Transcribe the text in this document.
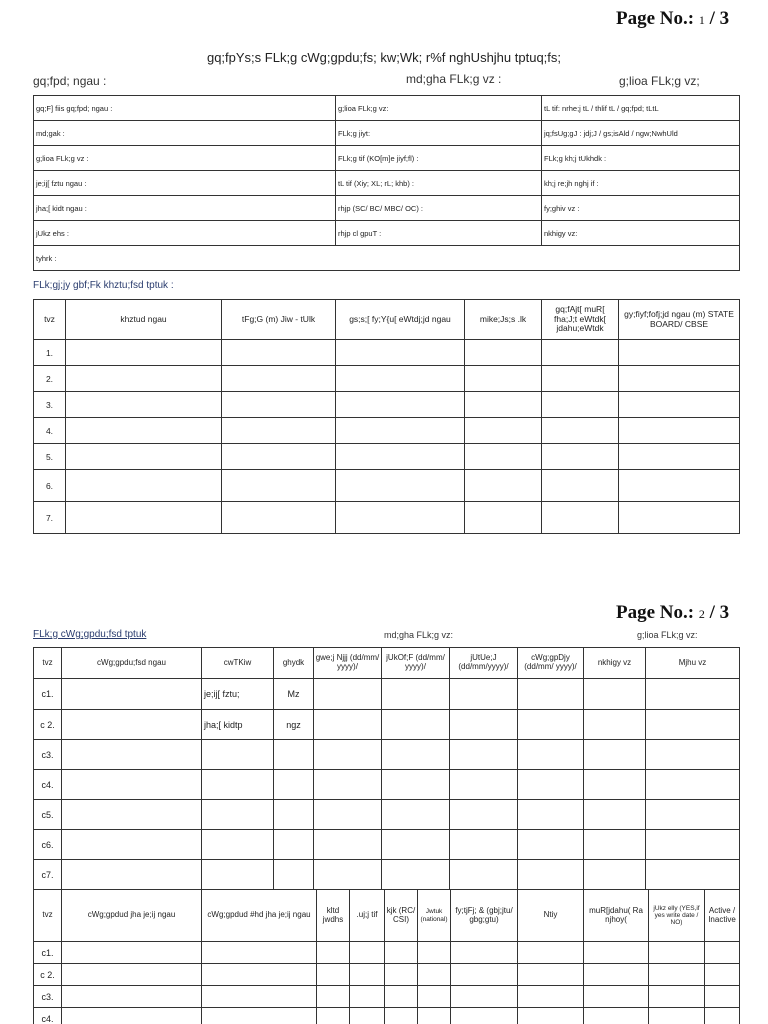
Page No.: 1 / 3
gq;fpYs;s FLk;g cWg;gpdu;fs; kw;Wk; r%f nghUshjhu tptuq;fs;
gq;fpd; ngau :	md;gha FLk;g vz :	g;lioa FLk;g vz;
gq;F] fiis gq;fpd; ngau :	g;lioa FLk;g vz:	tL tif: nrhe;j tL / thlif tL / gq;fpd; tLtL
md;gak :	FLk;g jiyt:	jq;fsUg;gJ : jdj;J / gs;isAld / ngw;NwhUld
g;lioa FLk;g vz :	FLk;g tif (KO[m]e jiyf;fl) :	FLk;g kh;j tUkhdk :
je;ij[ fztu ngau :	tL tif (Xiy; XL; rL; khb) :	kh;j re;jh nghj if :
jha;[ kidt ngau :	rhjp (SC/ BC/ MBC/ OC) :	fy;ghiv vz :
jUkz ehs :	rhjp cl gpuT :	nkhigy vz:
tyhrk :		
FLk;gj;jy gbf;Fk khztu;fsd tptuk :
tvz	khztud ngau	tFg;G (m) Jiw - tUlk	gs;s;[ fy;Y{u[ eWtdj;jd ngau	mike;Js;s .lk	gq;fAjt[ muR[ fha;J;t eWtdk[ jdahu;eWtdk	gy;fiyf;fofj;jd ngau (m) STATE BOARD/ CBSE
1.						
2.						
3.						
4.						
5.						
6.						
7.						
Page No.: 2 / 3
FLk;g cWg;gpdu;fsd tptuk	md;gha FLk;g vz:	g;lioa FLk;g vz:
tvz	cWg;gpdu;fsd ngau	cwTKiw	ghydk	gwe;j Njjj (dd/mm/ yyyy)/	jUkOf;F (dd/mm/ yyyy)/	jUtUe;J (dd/mm/yyyy)/	cWg;gpDjy (dd/mm/ yyyy)/	nkhigy vz	Mjhu vz
c1.		je;ij[ fztu;	Mz						
c 2.		jha;[ kidtp	ngz						
c3.									
c4.									
c5.									
c6.									
c7.									
tvz	cWg;gpdud jha je;ij ngau	cWg;gpdud #hd jha je;ij ngau	kltd jwdhs	.uj;j tif	kjk (RC/ CSI)	Jwtuk (national)	fy;tjFj; & (gbj;jtu/ gbg;gtu)	Ntiy	muR[jdahu( Ra njhoy(	jUkz elly (YES,if yes write date / NO)	Active / Inactive
c1.											
c 2.											
c3.											
c4.											
